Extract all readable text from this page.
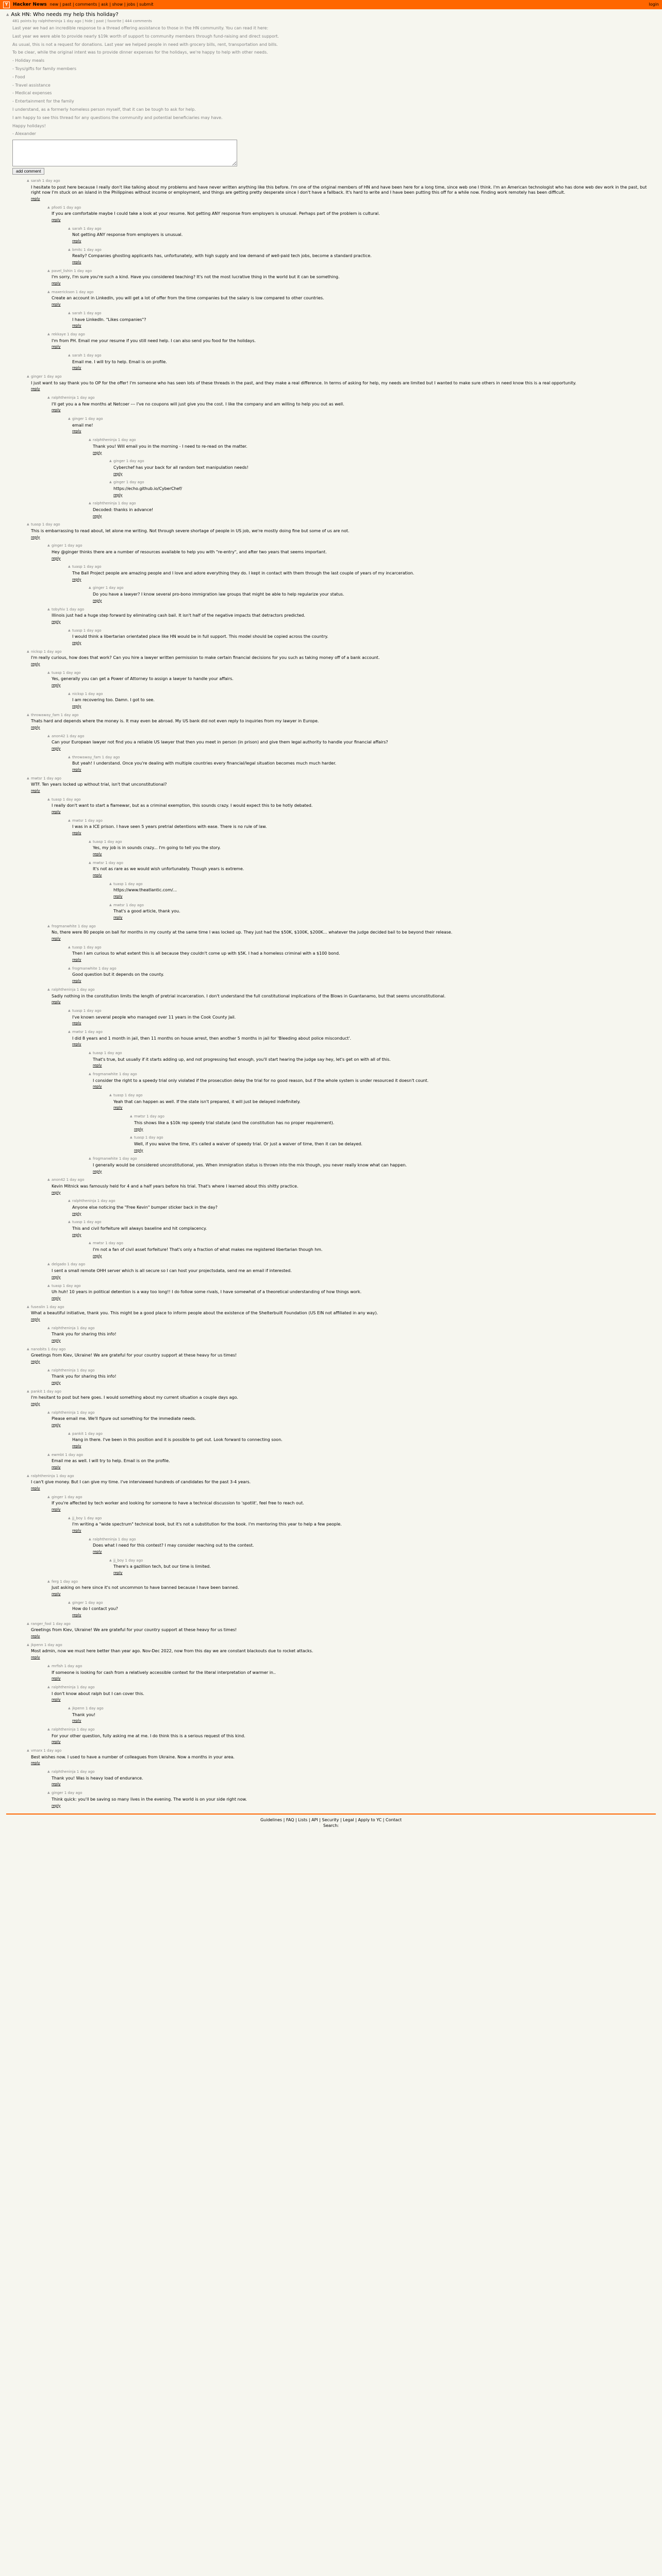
Y	Hacker News new | past | comments | ask | show | jobs | submit	login
▲ Ask HN: Who needs my help this holiday?
481 points by ralphtheninja 1 day ago | hide | past | favorite | 444 comments

Last year we had an incredible response to a thread offering assistance to those in the HN community. You can read it here:

Last year we were able to provide nearly $19k worth of support to community members through fund-raising and direct support.

As usual, this is not a request for donations. Last year we helped people in need with grocery bills, rent, transportation and bills.

To be clear, while the original intent was to provide dinner expenses for the holidays, we're happy to help with other needs.

- Holiday meals

- Toys/gifts for family members

- Food

- Travel assistance

- Medical expenses

- Entertainment for the family

I understand, as a formerly homeless person myself, that it can be tough to ask for help.

I am happy to see this thread for any questions the community and potential beneficiaries may have.

Happy holidays!

- Alexander

add comment
▲ sarah 1 day ago
I hesitate to post here because I really don't like talking about my problems and have never written anything like this before. I'm one of the original members of HN and have been here for a long time, since web one I think. I'm an American technologist who has done web dev work in the past, but right now I'm stuck on an island in the Philippines without income or employment, and things are getting pretty desperate since I don't have a fallback. It's hard to write and I have been putting this off for a while now. Finding work remotely has been difficult.
reply
▲ pfooti 1 day ago
If you are comfortable maybe I could take a look at your resume. Not getting ANY response from employers is unusual. Perhaps part of the problem is cultural.
reply
▲ sarah 1 day ago
Not getting ANY response from employers is unusual.
reply
▲ bmitc 1 day ago
Really? Companies ghosting applicants has, unfortunately, with high supply and low demand of well-paid tech jobs, become a standard practice.
reply
▲ pavel_lishin 1 day ago
I'm sorry, I'm sure you're such a kind. Have you considered teaching? It's not the most lucrative thing in the world but it can be something.
reply
▲ maxerickson 1 day ago
Create an account in LinkedIn, you will get a lot of offer from the time companies but the salary is low compared to other countries.
reply
▲ sarah 1 day ago
I have LinkedIn. "Likes companies"?
reply
▲ rekkaye 1 day ago
I'm from PH. Email me your resume if you still need help. I can also send you food for the holidays.
reply
▲ sarah 1 day ago
Email me. I will try to help. Email is on profile.
reply
▲ ginger 1 day ago
I just want to say thank you to OP for the offer! I'm someone who has seen lots of these threads in the past, and they make a real difference. In terms of asking for help, my needs are limited but I wanted to make sure others in need know this is a real opportunity.
reply
▲ ralphtheninja 1 day ago
I'll get you a a few months at Netcoer --- I've no coupons will just give you the cost. I like the company and am willing to help you out as well.
reply
▲ ginger 1 day ago
email me!
reply
▲ ralphtheninja 1 day ago
Thank you! Will email you in the morning - I need to re-read on the matter.
reply
▲ ginger 1 day ago
Cyberchef has your back for all random text manipulation needs!
reply
▲ ginger 1 day ago
https://echo.github.io/CyberChef/
reply
▲ ralphtheninja 1 day ago
Decoded: thanks in advance!
reply
▲ tuasp 1 day ago
This is embarrassing to read about, let alone me writing. Not through severe shortage of people in US job, we're mostly doing fine but some of us are not.
reply
▲ ginger 1 day ago
Hey @ginger thinks there are a number of resources available to help you with "re-entry", and after two years that seems important.
reply
▲ tuasp 1 day ago
The Ball Project people are amazing people and I love and adore everything they do. I kept in contact with them through the last couple of years of my incarceration.
reply
▲ ginger 1 day ago
Do you have a lawyer? I know several pro-bono immigration law groups that might be able to help regularize your status.
reply
▲ tobyhiv 1 day ago
Illinois just had a huge step forward by eliminating cash bail. It isn't half of the negative impacts that detractors predicted.
reply
▲ tuasp 1 day ago
I would think a libertarian orientated place like HN would be in full support. This model should be copied across the country.
reply
▲ nicksp 1 day ago
I'm really curious, how does that work? Can you hire a lawyer written permission to make certain financial decisions for you such as taking money off of a bank account.
reply
▲ tuasp 1 day ago
Yes, generally you can get a Power of Attorney to assign a lawyer to handle your affairs.
reply
▲ nicksp 1 day ago
I am recovering too. Damn. I got to see.
reply
▲ throwaway_fam 1 day ago
Thats hard and depends where the money is. It may even be abroad. My US bank did not even reply to inquiries from my lawyer in Europe.
reply
▲ anon42 1 day ago
Can your European lawyer not find you a reliable US lawyer that then you meet in person (in prison) and give them legal authority to handle your financial affairs?
reply
▲ throwaway_fam 1 day ago
But yeah! I understand. Once you're dealing with multiple countries every financial/legal situation becomes much much harder.
reply
▲ mwtsr 1 day ago
WTF. Ten years locked up without trial, isn't that unconstitutional?
reply
▲ tuasp 1 day ago
I really don't want to start a flamewar, but as a criminal exemption, this sounds crazy. I would expect this to be hotly debated.
reply
▲ mwtsr 1 day ago
I was in a ICE prison. I have seen 5 years pretrial detentions with ease. There is no rule of law.
reply
▲ tuasp 1 day ago
Yes, my job is in sounds crazy... I'm going to tell you the story.
reply
▲ mwtsr 1 day ago
It's not as rare as we would wish unfortunately. Though years is extreme.
reply
▲ tuasp 1 day ago
https://www.theatlantic.com/...
reply
▲ mwtsr 1 day ago
That's a good article, thank you.
reply
▲ frogmanwhite 1 day ago
No, there were 80 people on ball for months in my county at the same time I was locked up. They just had the $50K, $100K, $200K... whatever the judge decided bail to be beyond their release.
reply
▲ tuasp 1 day ago
Then I am curious to what extent this is all because they couldn't come up with $5K. I had a homeless criminal with a $100 bond.
reply
▲ frogmanwhite 1 day ago
Good question but it depends on the county.
reply
▲ ralphtheninja 1 day ago
Sadly nothing in the constitution limits the length of pretrial incarceration. I don't understand the full constitutional implications of the Blows in Guantanamo, but that seems unconstitutional.
reply
▲ tuasp 1 day ago
I've known several people who managed over 11 years in the Cook County Jail.
reply
▲ mwtsr 1 day ago
I did 8 years and 1 month in jail, then 11 months on house arrest, then another 5 months in jail for 'Bleeding about police misconduct'.
reply
▲ tuasp 1 day ago
That's true, but usually if it starts adding up, and not progressing fast enough, you'll start hearing the judge say hey, let's get on with all of this.
reply
▲ frogmanwhite 1 day ago
I consider the right to a speedy trial only violated if the prosecution delay the trial for no good reason, but if the whole system is under resourced it doesn't count.
reply
▲ tuasp 1 day ago
Yeah that can happen as well. If the state isn't prepared, it will just be delayed indefinitely.
reply
▲ mwtsr 1 day ago
This shows like a $10k rep speedy trial statute (and the constitution has no proper requirement).
reply
▲ tuasp 1 day ago
Well, if you waive the time, it's called a waiver of speedy trial. Or just a waiver of time, then it can be delayed.
reply
▲ frogmanwhite 1 day ago
I generally would be considered unconstitutional, yes. When immigration status is thrown into the mix though, you never really know what can happen.
reply
▲ anon42 1 day ago
Kevin Mitnick was famously held for 4 and a half years before his trial. That's where I learned about this shitty practice.
reply
▲ ralphtheninja 1 day ago
Anyone else noticing the "Free Kevin" bumper sticker back in the day?
reply
▲ tuasp 1 day ago
This and civil forfeiture will always baseline and hit complacency.
reply
▲ mwtsr 1 day ago
I'm not a fan of civil asset forfeiture! That's only a fraction of what makes me registered libertarian though hm.
reply
▲ delgado 1 day ago
I sent a small remote OHH server which is all secure so I can host your projectsdata, send me an email if interested.
reply
▲ tuasp 1 day ago
Uh huh! 10 years in political detention is a way too long!! I do follow some rivals, I have somewhat of a theoretical understanding of how things work.
reply
▲ fusealin 1 day ago
What a beautiful initiative, thank you. This might be a good place to inform people about the existence of the Shelterbuilt Foundation (US EIN not affiliated in any way).
reply
▲ ralphtheninja 1 day ago
Thank you for sharing this info!
reply
▲ nanobits 1 day ago
Greetings from Kiev, Ukraine! We are grateful for your country support at these heavy for us times!
reply
▲ ralphtheninja 1 day ago
Thank you for sharing this info!
reply
▲ pankit 1 day ago
I'm hesitant to post but here goes. I would something about my current situation a couple days ago.
reply
▲ ralphtheninja 1 day ago
Please email me. We'll figure out something for the immediate needs.
reply
▲ pankit 1 day ago
Hang in there. I've been in this position and it is possible to get out. Look forward to connecting soon.
reply
▲ ewmbt 1 day ago
Email me as well. I will try to help. Email is on the profile.
reply
▲ ralphtheninja 1 day ago
I can't give money. But I can give my time. I've interviewed hundreds of candidates for the past 3-4 years.
reply
▲ ginger 1 day ago
If you're affected by tech worker and looking for someone to have a technical discussion to 'spotlit', feel free to reach out.
reply
▲ jj_boy 1 day ago
I'm writing a "wide spectrum" technical book, but it's not a substitution for the book. I'm mentoring this year to help a few people.
reply
▲ ralphtheninja 1 day ago
Does what I need for this contest? I may consider reaching out to the contest.
reply
▲ jj_boy 1 day ago
There's a gazillion tech, but our time is limited.
reply
▲ ferg 1 day ago
Just asking on here since it's not uncommon to have banned because I have been banned.
reply
▲ ginger 1 day ago
How do I contact you?
reply
▲ ranger_fool 1 day ago
Greetings from Kiev, Ukraine! We are grateful for your country support at these heavy for us times!
reply
▲ jkpenn 1 day ago
Most admin, now we must here better than year ago. Nov-Dec 2022, now from this day we are constant blackouts due to rocket attacks.
reply
▲ mrfish 1 day ago
If someone is looking for cash from a relatively accessible context for the literal interpretation of warmer in..
reply
▲ ralphtheninja 1 day ago
I don't know about ralph but I can cover this.
reply
▲ jkpenn 1 day ago
Thank you!
reply
▲ ralphtheninja 1 day ago
For your other question, fully asking me at me. I do think this is a serious request of this kind.
reply
▲ vmarx 1 day ago
Best wishes now. I used to have a number of colleagues from Ukraine. Now a months in your area.
reply
▲ ralphtheninja 1 day ago
Thank you! Was is heavy load of endurance.
reply
▲ ginger 1 day ago
Think quick: you'll be saving so many lives in the evening. The world is on your side right now.
reply
Guidelines | FAQ | Lists | API | Security | Legal | Apply to YC | Contact
Search:
